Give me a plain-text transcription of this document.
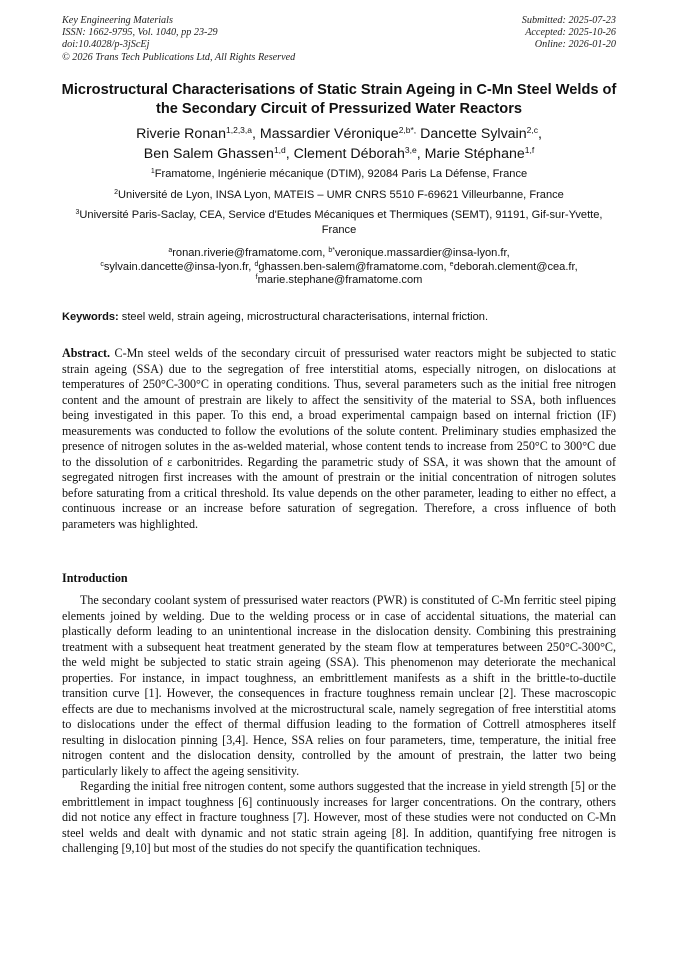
Key Engineering Materials
ISSN: 1662-9795, Vol. 1040, pp 23-29
doi:10.4028/p-3jScEj
© 2026 Trans Tech Publications Ltd, All Rights Reserved
Submitted: 2025-07-23
Accepted: 2025-10-26
Online: 2026-01-20
Microstructural Characterisations of Static Strain Ageing in C-Mn Steel Welds of the Secondary Circuit of Pressurized Water Reactors
Riverie Ronan$^{1,2,3,a}$, Massardier Véronique$^{2,b*,}$ Dancette Sylvain$^{2,c}$,
Ben Salem Ghassen$^{1,d}$, Clement Déborah$^{3,e}$, Marie Stéphane$^{1,f}$
$^1$Framatome, Ingénierie mécanique (DTIM), 92084 Paris La Défense, France
$^2$Université de Lyon, INSA Lyon, MATEIS – UMR CNRS 5510 F-69621 Villeurbanne, France
$^3$Université Paris-Saclay, CEA, Service d'Etudes Mécaniques et Thermiques (SEMT), 91191, Gif-sur-Yvette, France
$^a$ronan.riverie@framatome.com, $^{b*}$veronique.massardier@insa-lyon.fr,
$^c$sylvain.dancette@insa-lyon.fr, $^d$ghassen.ben-salem@framatome.com, $^e$deborah.clement@cea.fr,
$^f$marie.stephane@framatome.com
Keywords: steel weld, strain ageing, microstructural characterisations, internal friction.
Abstract. C-Mn steel welds of the secondary circuit of pressurised water reactors might be subjected to static strain ageing (SSA) due to the segregation of free interstitial atoms, especially nitrogen, on dislocations at temperatures of 250°C-300°C in operating conditions. Thus, several parameters such as the initial free nitrogen content and the amount of prestrain are likely to affect the sensitivity of the material to SSA, both influences being investigated in this paper. To this end, a broad experimental campaign based on internal friction (IF) measurements was conducted to follow the evolutions of the solute content. Preliminary studies emphasized the presence of nitrogen solutes in the as-welded material, whose content tends to increase from 250°C to 300°C due to the dissolution of ε carbonitrides. Regarding the parametric study of SSA, it was shown that the amount of segregated nitrogen first increases with the amount of prestrain or the initial concentration of nitrogen solutes before saturating from a critical threshold. Its value depends on the other parameter, leading to either no effect, a continuous increase or an increase before saturation of segregation. Therefore, a cross influence of both parameters was highlighted.
Introduction

The secondary coolant system of pressurised water reactors (PWR) is constituted of C-Mn ferritic steel piping elements joined by welding. Due to the welding process or in case of accidental situations, the material can plastically deform leading to an unintentional increase in the dislocation density. Combining this prestraining treatment with a subsequent heat treatment generated by the steam flow at temperatures between 250°C-300°C, the weld might be subjected to static strain ageing (SSA). This phenomenon may deteriorate the mechanical properties. For instance, in impact toughness, an embrittlement manifests as a shift in the brittle-to-ductile transition curve [1]. However, the consequences in fracture toughness remain unclear [2]. These macroscopic effects are due to mechanisms involved at the microstructural scale, namely segregation of free interstitial atoms to dislocations under the effect of thermal diffusion leading to the formation of Cottrell atmospheres itself resulting in dislocation pinning [3,4]. Hence, SSA relies on four parameters, time, temperature, the initial free nitrogen content and the dislocation density, controlled by the amount of prestrain, the latter two being particularly likely to affect the ageing sensitivity.

Regarding the initial free nitrogen content, some authors suggested that the increase in yield strength [5] or the embrittlement in impact toughness [6] continuously increases for larger concentrations. On the contrary, others did not notice any effect in fracture toughness [7]. However, most of these studies were not conducted on C-Mn steel welds and dealt with dynamic and not static strain ageing [8]. In addition, quantifying free nitrogen is challenging [9,10] but most of the studies do not specify the quantification techniques.
